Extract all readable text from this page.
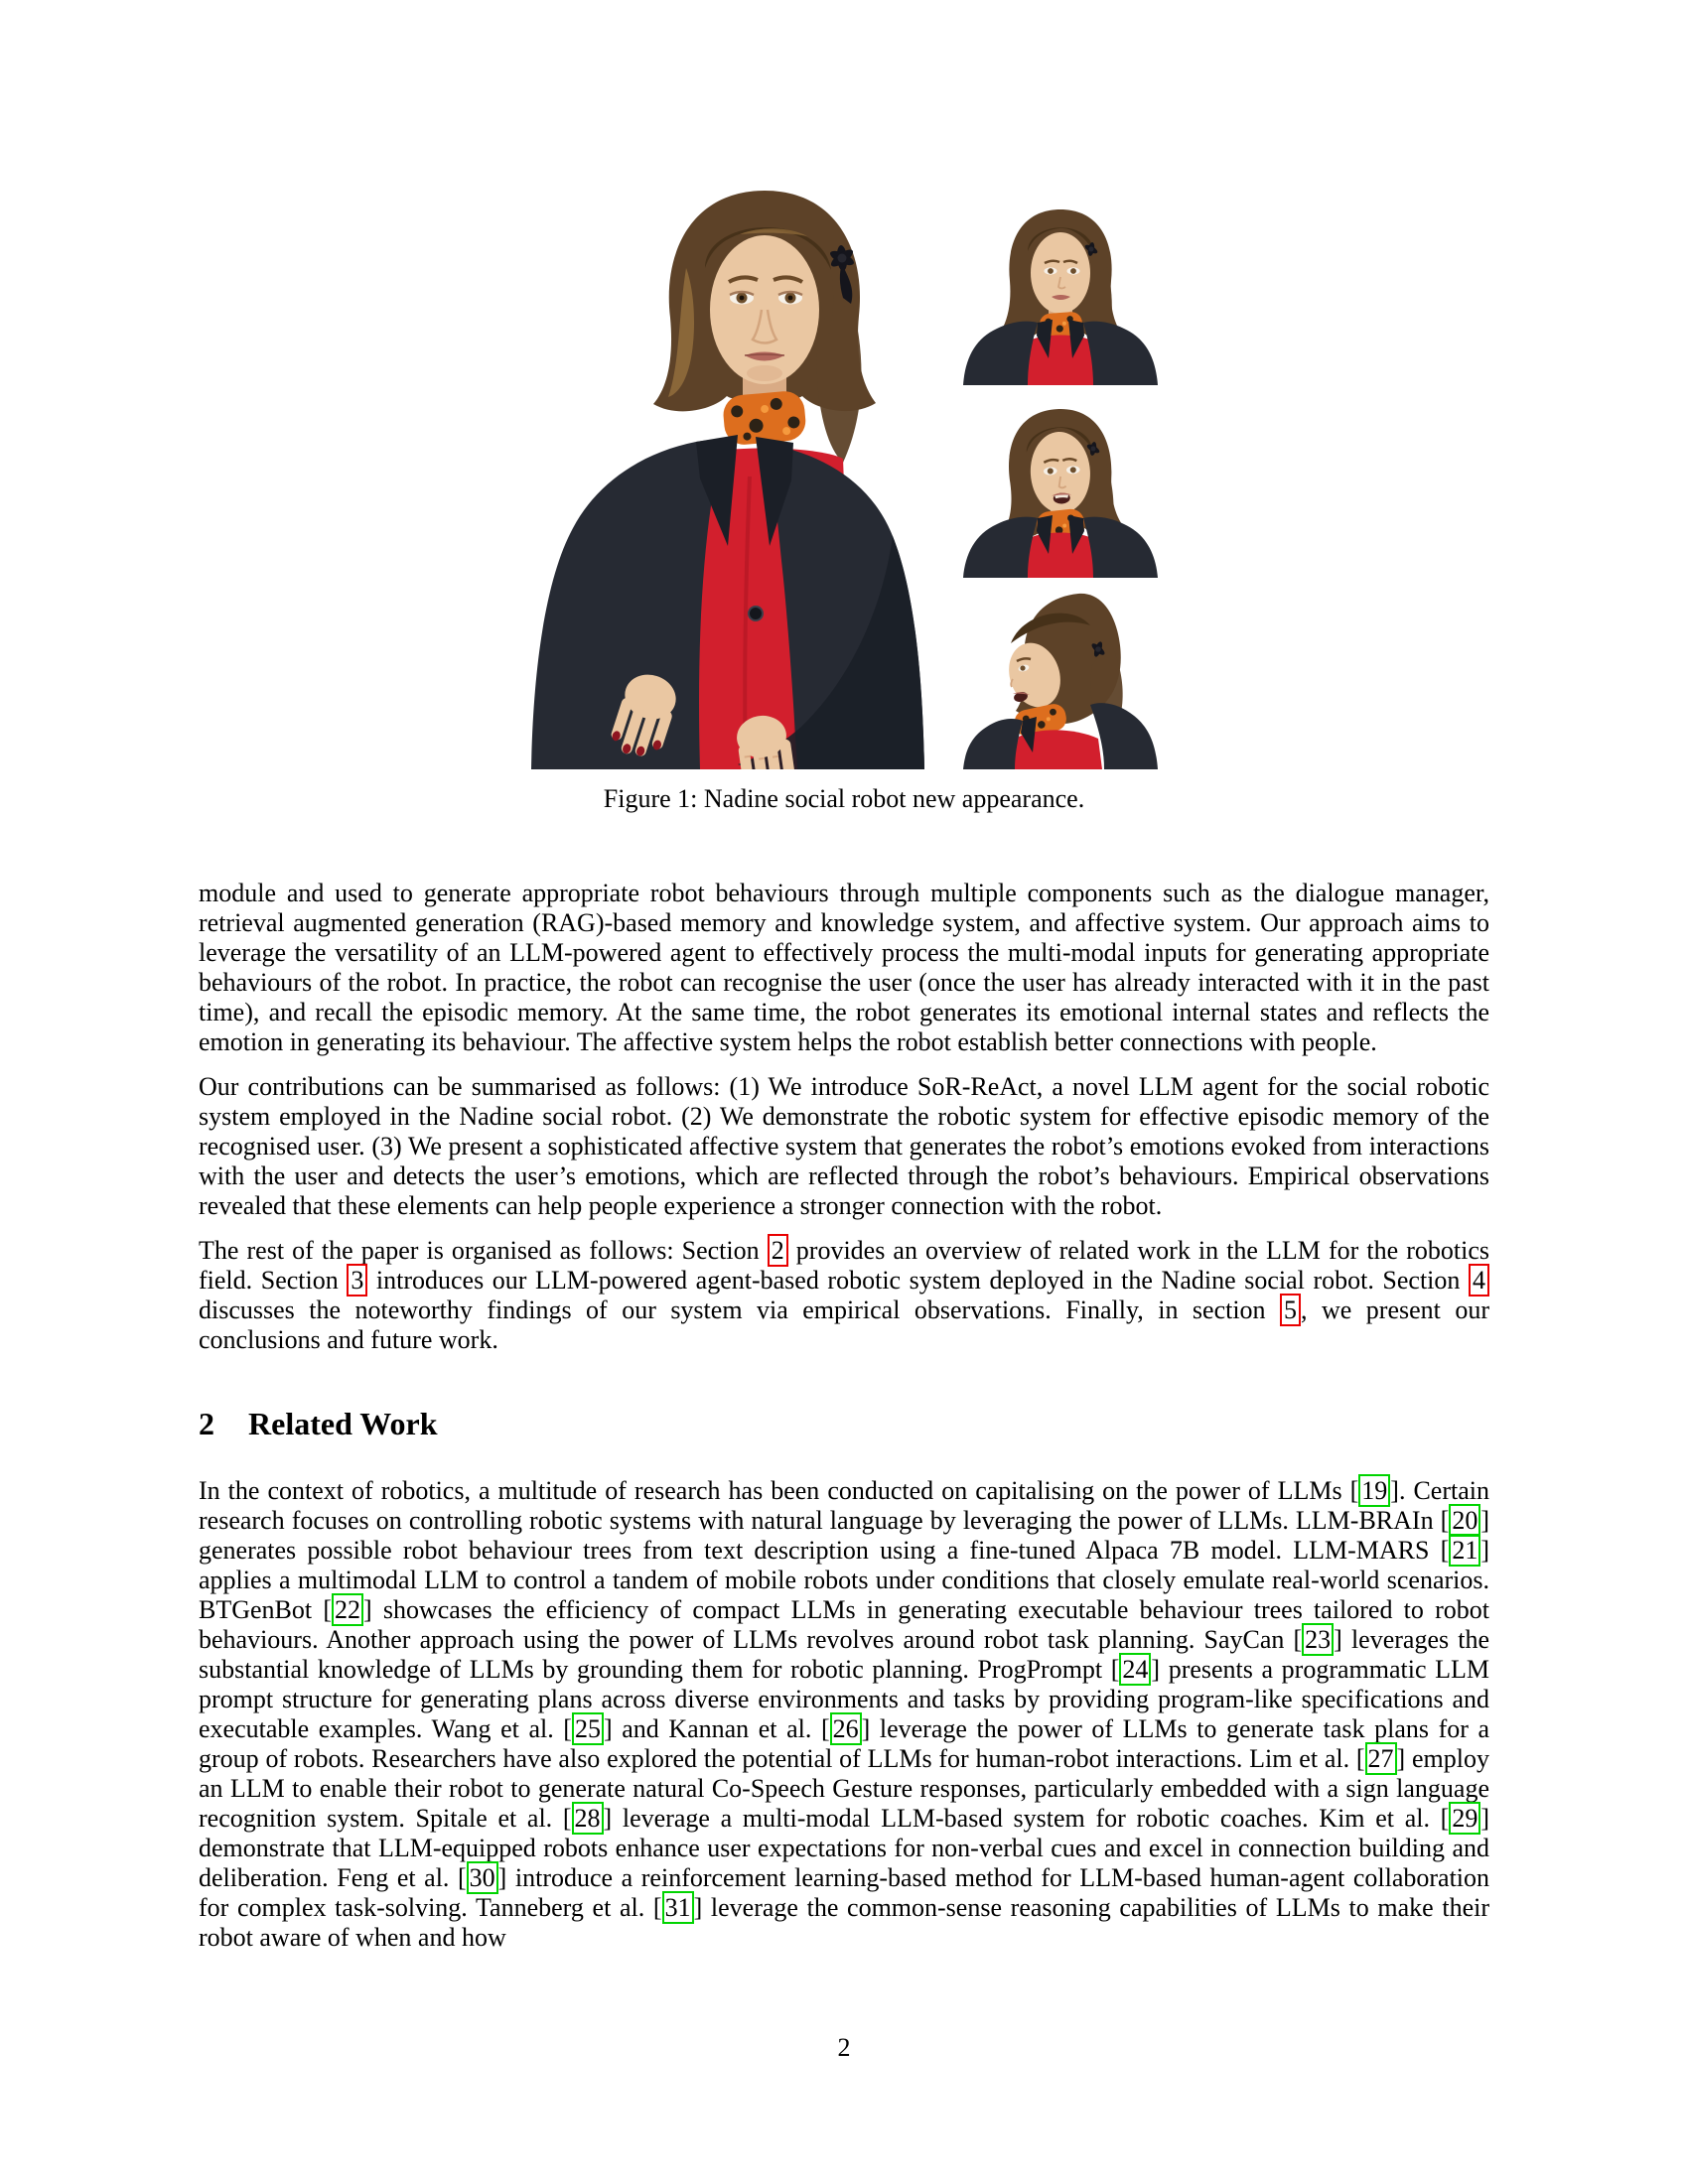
Figure 1: Nadine social robot new appearance.

module and used to generate appropriate robot behaviours through multiple components such as the dialogue manager, retrieval augmented generation (RAG)-based memory and knowledge system, and affective system. Our approach aims to leverage the versatility of an LLM-powered agent to effectively process the multi-modal inputs for generating appropriate behaviours of the robot. In practice, the robot can recognise the user (once the user has already interacted with it in the past time), and recall the episodic memory. At the same time, the robot generates its emotional internal states and reflects the emotion in generating its behaviour. The affective system helps the robot establish better connections with people.

Our contributions can be summarised as follows: (1) We introduce SoR-ReAct, a novel LLM agent for the social robotic system employed in the Nadine social robot. (2) We demonstrate the robotic system for effective episodic memory of the recognised user. (3) We present a sophisticated affective system that generates the robot’s emotions evoked from interactions with the user and detects the user’s emotions, which are reflected through the robot’s behaviours. Empirical observations revealed that these elements can help people experience a stronger connection with the robot.

The rest of the paper is organised as follows: Section 2 provides an overview of related work in the LLM for the robotics field. Section 3 introduces our LLM-powered agent-based robotic system deployed in the Nadine social robot. Section 4 discusses the noteworthy findings of our system via empirical observations. Finally, in section 5 , we present our conclusions and future work.

2 Related Work

In the context of robotics, a multitude of research has been conducted on capitalising on the power of LLMs [ 19 ]. Certain research focuses on controlling robotic systems with natural language by leveraging the power of LLMs. LLM-BRAIn [ 20 ] generates possible robot behaviour trees from text description using a fine-tuned Alpaca 7B model. LLM-MARS [ 21 ] applies a multimodal LLM to control a tandem of mobile robots under conditions that closely emulate real-world scenarios. BTGenBot [ 22 ] showcases the efficiency of compact LLMs in generating executable behaviour trees tailored to robot behaviours. Another approach using the power of LLMs revolves around robot task planning. SayCan [ 23 ] leverages the substantial knowledge of LLMs by grounding them for robotic planning. ProgPrompt [ 24 ] presents a programmatic LLM prompt structure for generating plans across diverse environments and tasks by providing program-like specifications and executable examples. Wang et al. [ 25 ] and Kannan et al. [ 26 ] leverage the power of LLMs to generate task plans for a group of robots. Researchers have also explored the potential of LLMs for human-robot interactions. Lim et al. [ 27 ] employ an LLM to enable their robot to generate natural Co-Speech Gesture responses, particularly embedded with a sign language recognition system. Spitale et al. [ 28 ] leverage a multi-modal LLM-based system for robotic coaches. Kim et al. [ 29 ] demonstrate that LLM-equipped robots enhance user expectations for non-verbal cues and excel in connection building and deliberation. Feng et al. [ 30 ] introduce a reinforcement learning-based method for LLM-based human-agent collaboration for complex task-solving. Tanneberg et al. [ 31 ] leverage the common-sense reasoning capabilities of LLMs to make their robot aware of when and how

2
